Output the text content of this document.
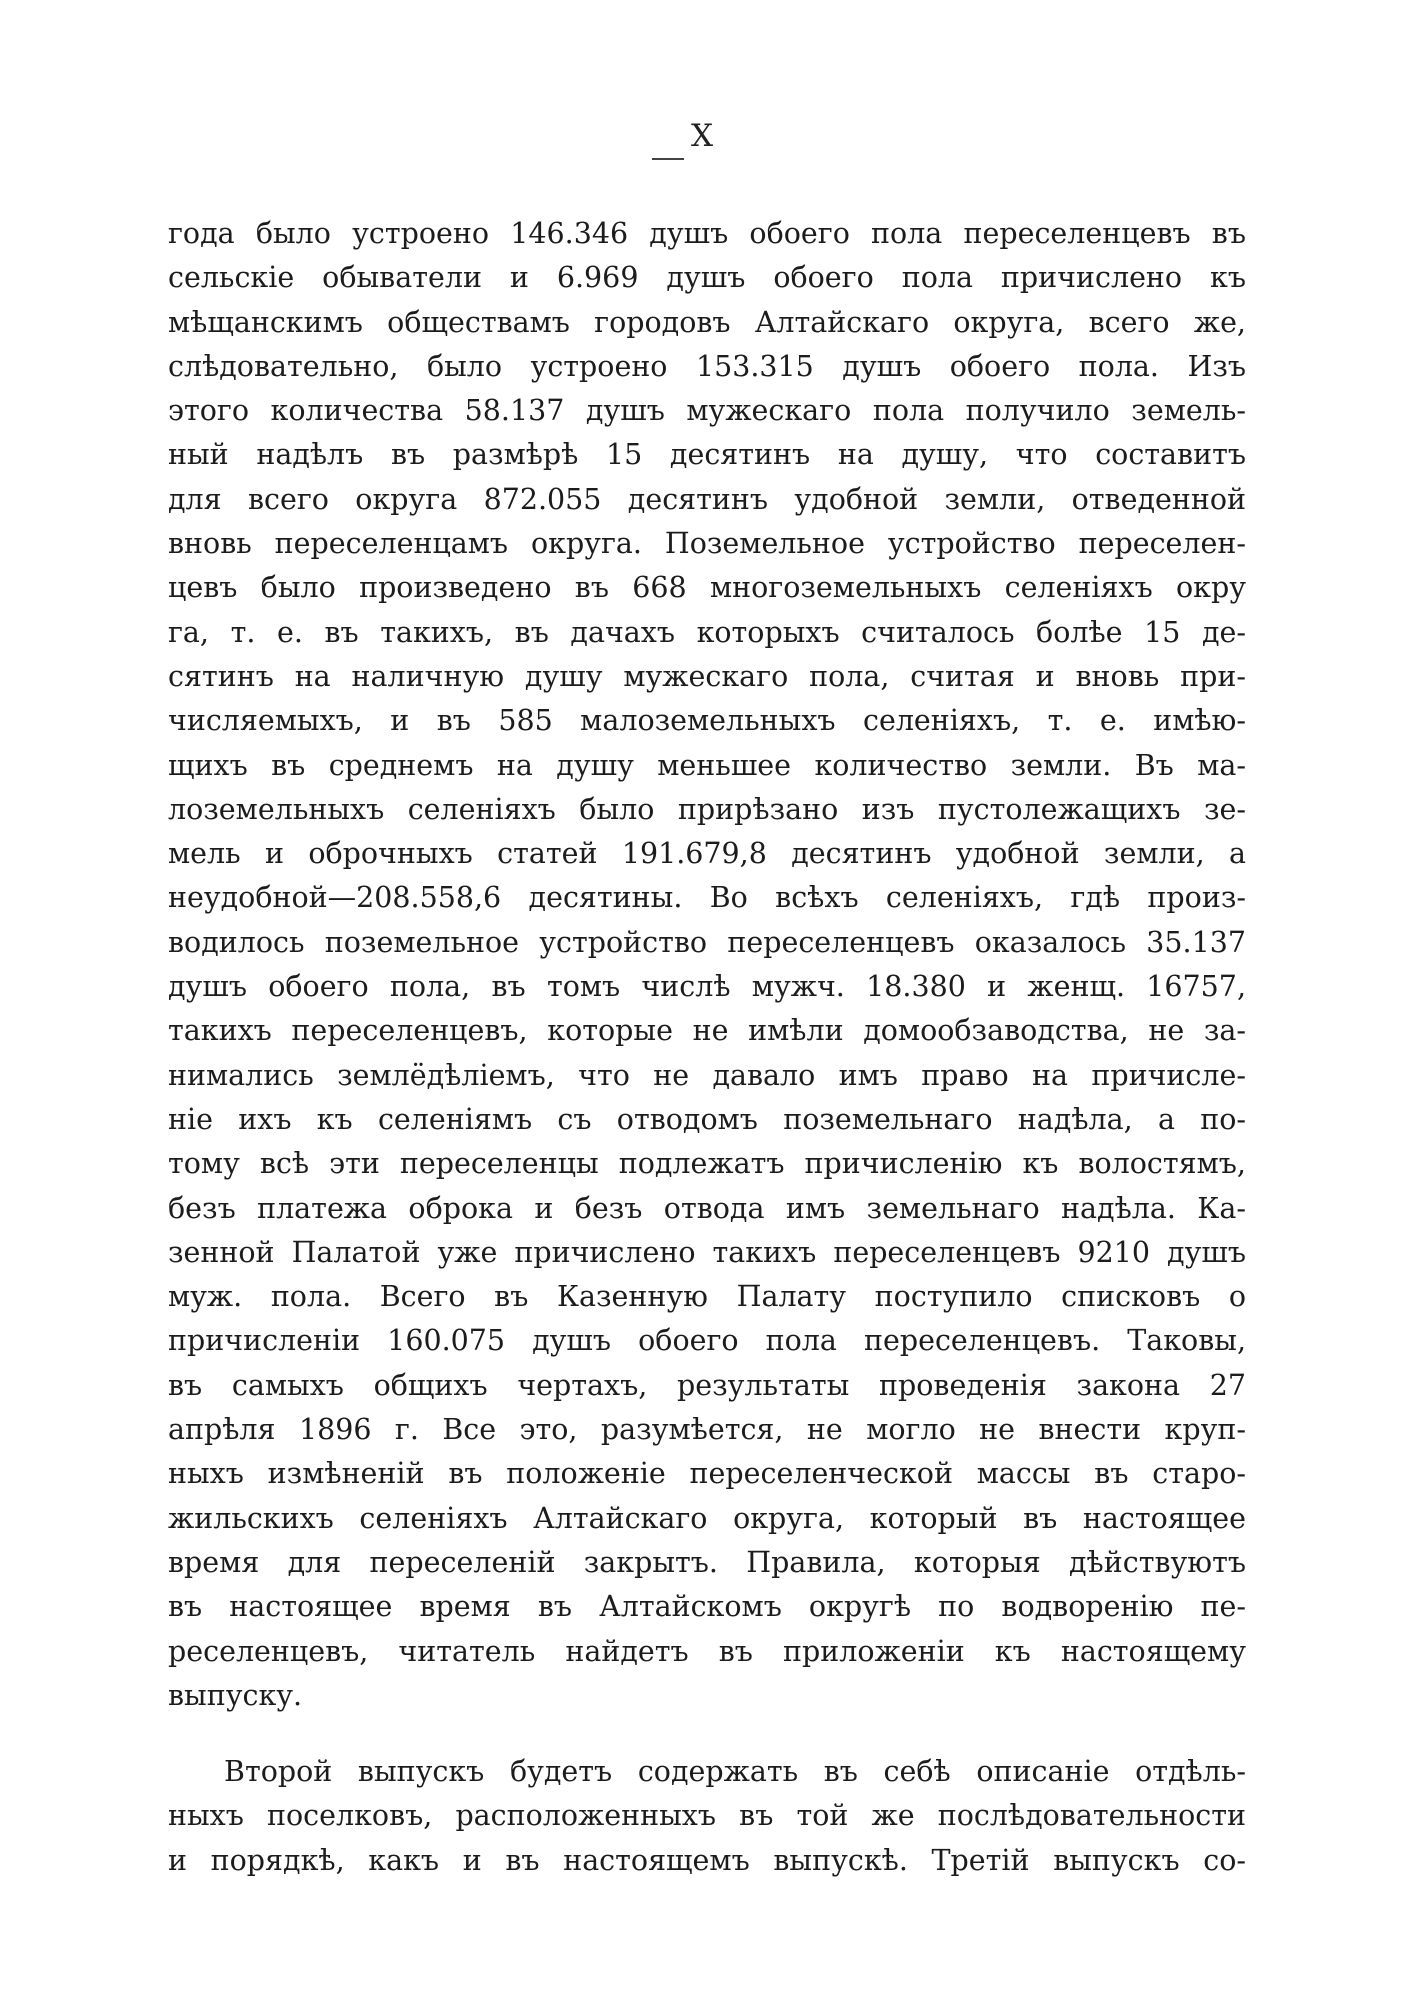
X
года было устроено 146.346 душъ обоего пола переселенцевъ въ
сельскіе обыватели и 6.969 душъ обоего пола причислено къ
мѣщанскимъ обществамъ городовъ Алтайскаго округа, всего же,
слѣдовательно, было устроено 153.315 душъ обоего пола. Изъ
этого количества 58.137 душъ мужескаго пола получило земель-
ный надѣлъ въ размѣрѣ 15 десятинъ на душу, что составитъ
для всего округа 872.055 десятинъ удобной земли, отведенной
вновь переселенцамъ округа. Поземельное устройство переселен-
цевъ было произведено въ 668 многоземельныхъ селеніяхъ окру
га, т. е. въ такихъ, въ дачахъ которыхъ считалось болѣе 15 де-
сятинъ на наличную душу мужескаго пола, считая и вновь при-
числяемыхъ, и въ 585 малоземельныхъ селеніяхъ, т. е. имѣю-
щихъ въ среднемъ на душу меньшее количество земли. Въ ма-
лоземельныхъ селеніяхъ было прирѣзано изъ пустолежащихъ зе-
мель и оброчныхъ статей 191.679,8 десятинъ удобной земли, а
неудобной—208.558,6 десятины. Во всѣхъ селеніяхъ, гдѣ произ-
водилось поземельное устройство переселенцевъ оказалось 35.137
душъ обоего пола, въ томъ числѣ мужч. 18.380 и женщ. 16757,
такихъ переселенцевъ, которые не имѣли домообзаводства, не за-
нимались землёдѣліемъ, что не давало имъ право на причисле-
ніе ихъ къ селеніямъ съ отводомъ поземельнаго надѣла, а по-
тому всѣ эти переселенцы подлежатъ причисленію къ волостямъ,
безъ платежа оброка и безъ отвода имъ земельнаго надѣла. Ка-
зенной Палатой уже причислено такихъ переселенцевъ 9210 душъ
муж. пола. Всего въ Казенную Палату поступило списковъ о
причисленіи 160.075 душъ обоего пола переселенцевъ. Таковы,
въ самыхъ общихъ чертахъ, результаты проведенія закона 27
апрѣля 1896 г. Все это, разумѣется, не могло не внести круп-
ныхъ измѣненій въ положеніе переселенческой массы въ старо-
жильскихъ селеніяхъ Алтайскаго округа, который въ настоящее
время для переселеній закрытъ. Правила, которыя дѣйствуютъ
въ настоящее время въ Алтайскомъ округѣ по водворенію пе-
реселенцевъ, читатель найдетъ въ приложеніи къ настоящему
выпуску.
Второй выпускъ будетъ содержать въ себѣ описаніе отдѣль-
ныхъ поселковъ, расположенныхъ въ той же послѣдовательности
и порядкѣ, какъ и въ настоящемъ выпускѣ. Третій выпускъ со-
